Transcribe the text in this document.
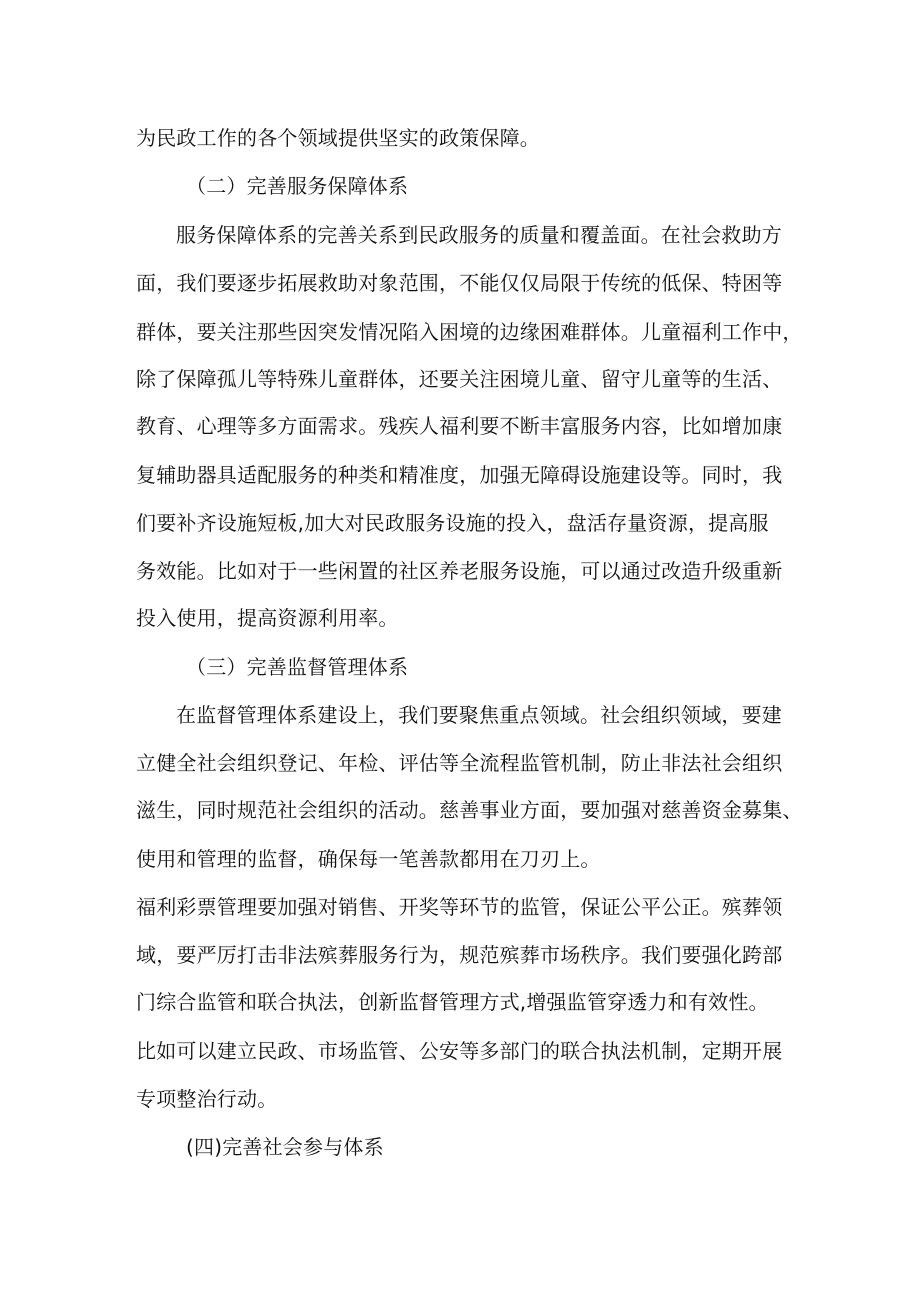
为民政工作的各个领域提供坚实的政策保障。
（二）完善服务保障体系
服务保障体系的完善关系到民政服务的质量和覆盖面。在社会救助方
面，我们要逐步拓展救助对象范围，不能仅仅局限于传统的低保、特困等
群体，要关注那些因突发情况陷入困境的边缘困难群体。儿童福利工作中，
除了保障孤儿等特殊儿童群体，还要关注困境儿童、留守儿童等的生活、
教育、心理等多方面需求。残疾人福利要不断丰富服务内容，比如增加康
复辅助器具适配服务的种类和精准度，加强无障碍设施建设等。同时，我
们要补齐设施短板,加大对民政服务设施的投入，盘活存量资源，提高服
务效能。比如对于一些闲置的社区养老服务设施，可以通过改造升级重新
投入使用，提高资源利用率。
（三）完善监督管理体系
在监督管理体系建设上，我们要聚焦重点领域。社会组织领域，要建
立健全社会组织登记、年检、评估等全流程监管机制，防止非法社会组织
滋生，同时规范社会组织的活动。慈善事业方面，要加强对慈善资金募集、
使用和管理的监督，确保每一笔善款都用在刀刃上。
福利彩票管理要加强对销售、开奖等环节的监管，保证公平公正。殡葬领
域，要严厉打击非法殡葬服务行为，规范殡葬市场秩序。我们要强化跨部
门综合监管和联合执法，创新监督管理方式,增强监管穿透力和有效性。
比如可以建立民政、市场监管、公安等多部门的联合执法机制，定期开展
专项整治行动。
(四)完善社会参与体系
